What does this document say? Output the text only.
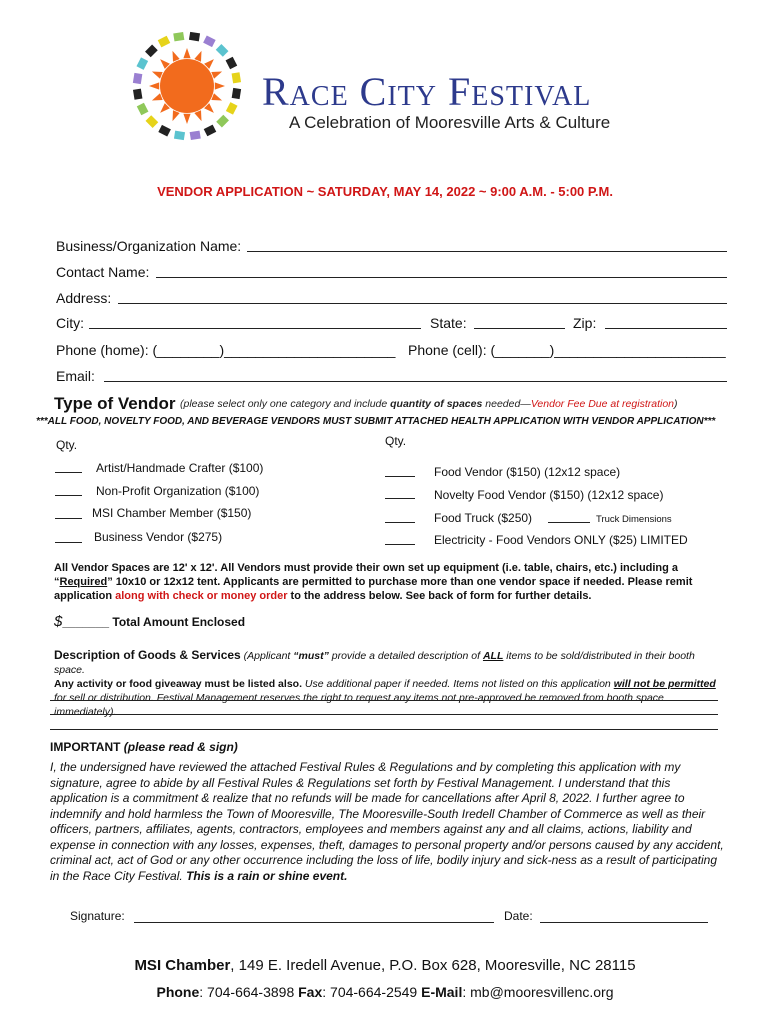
Race City Festival
A Celebration of Mooresville Arts & Culture
VENDOR APPLICATION ~ SATURDAY, MAY 14, 2022 ~ 9:00 A.M. - 5:00 P.M.
Business/Organization Name:
Contact Name:
Address:
City:	State:	Zip:
Phone (home): (________)______________________ Phone (cell): (_______)______________________
Email:
Type of Vendor (please select only one category and include quantity of spaces needed—Vendor Fee Due at registration)
***ALL FOOD, NOVELTY FOOD, AND BEVERAGE VENDORS MUST SUBMIT ATTACHED HEALTH APPLICATION WITH VENDOR APPLICATION***
Qty.	Qty.
Artist/Handmade Crafter ($100)
Non-Profit Organization ($100)
MSI Chamber Member ($150)
Business Vendor ($275)
Food Vendor ($150) (12x12 space)
Novelty Food Vendor ($150) (12x12 space)
Food Truck ($250)	Truck Dimensions
Electricity - Food Vendors ONLY ($25) LIMITED
All Vendor Spaces are 12' x 12'. All Vendors must provide their own set up equipment (i.e. table, chairs, etc.) including a “Required” 10x10 or 12x12 tent. Applicants are permitted to purchase more than one vendor space if needed. Please remit application along with check or money order to the address below. See back of form for further details.
$_______ Total Amount Enclosed
Description of Goods & Services (Applicant “must” provide a detailed description of ALL items to be sold/distributed in their booth space.
Any activity or food giveaway must be listed also. Use additional paper if needed. Items not listed on this application will not be permitted for sell or distribution. Festival Management reserves the right to request any items not pre-approved be removed from booth space immediately).
IMPORTANT (please read & sign)
I, the undersigned have reviewed the attached Festival Rules & Regulations and by completing this application with my signature, agree to abide by all Festival Rules & Regulations set forth by Festival Management. I understand that this application is a commitment & realize that no refunds will be made for cancellations after April 8, 2022. I further agree to indemnify and hold harmless the Town of Mooresville, The Mooresville-South Iredell Chamber of Commerce as well as their officers, partners, affiliates, agents, contractors, employees and members against any and all claims, actions, liability and expense in connection with any losses, expenses, theft, damages to personal property and/or persons caused by any accident, criminal act, act of God or any other occurrence including the loss of life, bodily injury and sick-ness as a result of participating in the Race City Festival. This is a rain or shine event.
Signature:	Date:
MSI Chamber, 149 E. Iredell Avenue, P.O. Box 628, Mooresville, NC 28115
Phone: 704-664-3898 Fax: 704-664-2549 E-Mail: mb@mooresvillenc.org
